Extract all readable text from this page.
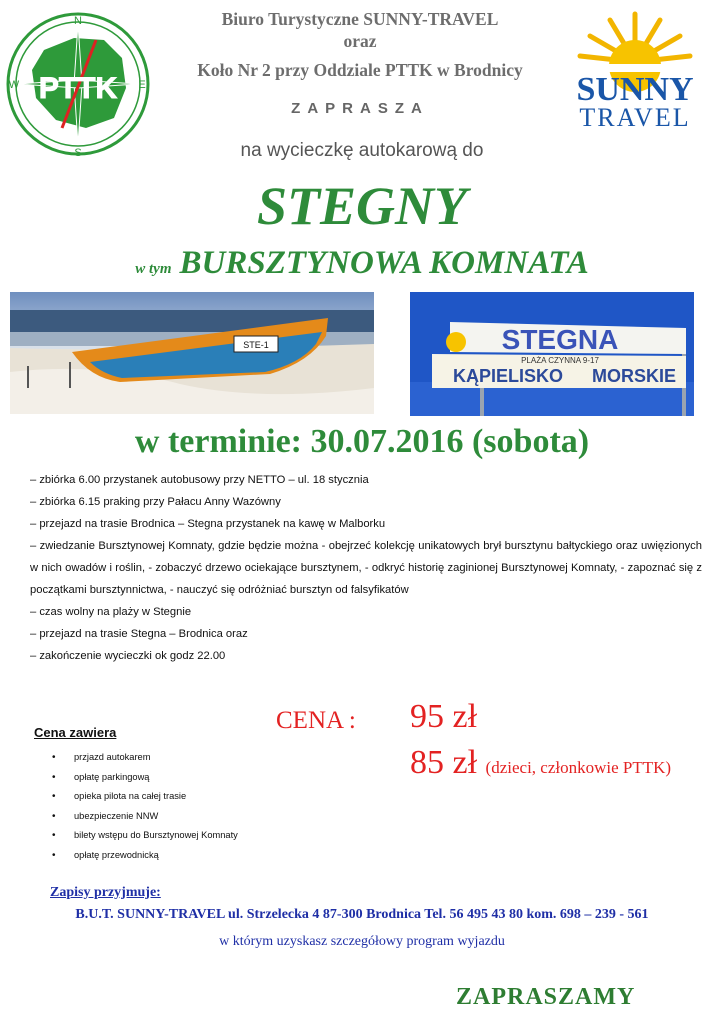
PTTK
N
W	E
S
SUNNY
TRAVEL
Biuro Turystyczne SUNNY-TRAVEL
oraz
Koło Nr 2 przy Oddziale PTTK w Brodnicy
ZAPRASZA
na wycieczkę autokarową do
STEGNY
w tym BURSZTYNOWA KOMNATA
STE-1	STEGNA
PLAŻA CZYNNA 9-17
KĄPIELISKO MORSKIE
w terminie: 30.07.2016 (sobota)
– zbiórka 6.00 przystanek autobusowy przy NETTO – ul. 18 stycznia
– zbiórka 6.15 praking przy Pałacu Anny Wazówny
– przejazd na trasie Brodnica – Stegna przystanek na kawę w Malborku
– zwiedzanie Bursztynowej Komnaty, gdzie będzie można - obejrzeć kolekcję unikatowych brył bursztynu bałtyckiego oraz uwięzionych w nich owadów i roślin, - zobaczyć drzewo ociekające bursztynem, - odkryć historię zaginionej Bursztynowej Komnaty, - zapoznać się z początkami bursztynnictwa, - nauczyć się odróżniać bursztyn od falsyfikatów
– czas wolny na plaży w Stegnie
– przejazd na trasie Stegna – Brodnica oraz
– zakończenie wycieczki ok godz 22.00
Cena zawiera
• przjazd autokarem
• opłatę parkingową
• opieka pilota na całej trasie
• ubezpieczenie NNW
• bilety wstępu do Bursztynowej Komnaty
• opłatę przewodnicką
CENA : 95 zł
85 zł (dzieci, członkowie PTTK)
Zapisy przyjmuje:
B.U.T. SUNNY-TRAVEL ul. Strzelecka 4 87-300 Brodnica Tel. 56 495 43 80 kom. 698 – 239 - 561
w którym uzyskasz szczegółowy program wyjazdu
ZAPRASZAMY
